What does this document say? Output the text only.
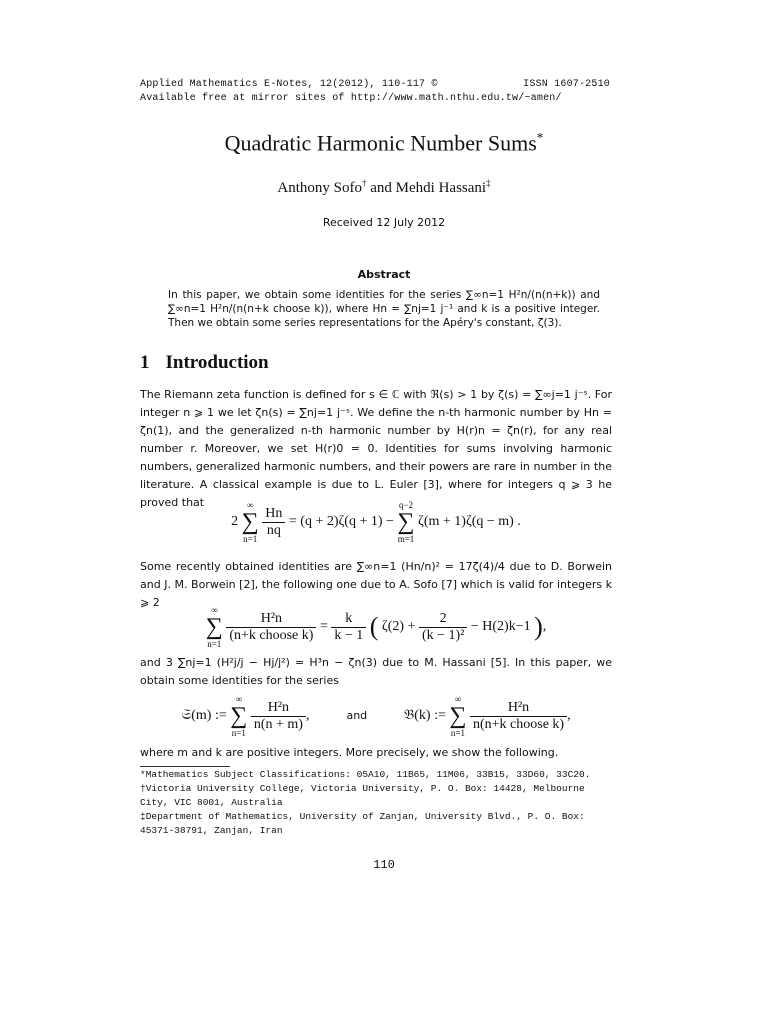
Applied Mathematics E-Notes, 12(2012), 110-117 ©	ISSN 1607-2510
Available free at mirror sites of http://www.math.nthu.edu.tw/~amen/
Quadratic Harmonic Number Sums*
Anthony Sofo† and Mehdi Hassani‡
Received 12 July 2012
Abstract
In this paper, we obtain some identities for the series ∑∞n=1 H²n/(n(n+k)) and ∑∞n=1 H²n/(n(n+k choose k)), where Hn = ∑nj=1 j⁻¹ and k is a positive integer. Then we obtain some series representations for the Apéry's constant, ζ(3).
1 Introduction
The Riemann zeta function is defined for s ∈ ℂ with ℜ(s) > 1 by ζ(s) = ∑∞j=1 j⁻ˢ. For integer n ⩾ 1 we let ζn(s) = ∑nj=1 j⁻ˢ. We define the n-th harmonic number by Hn = ζn(1), and the generalized n-th harmonic number by H(r)n = ζn(r), for any real number r. Moreover, we set H(r)0 = 0. Identities for sums involving harmonic numbers, generalized harmonic numbers, and their powers are rare in number in the literature. A classical example is due to L. Euler [3], where for integers q ⩾ 3 he proved that
2 ∞
∑
n=1
$\frac{Hn}{nq} = (q + 2)\zeta(q + 1) - q-2$
∑
m=1 ζ(m + 1)ζ(q − m) .
Some recently obtained identities are ∑∞n=1 (Hn/n)² = 17ζ(4)/4 due to D. Borwein and J. M. Borwein [2], the following one due to A. Sofo [7] which is valid for integers k ⩾ 2
∞
∑
n=1
$\frac{\text{H²n}}{\text{(n+k choose k)}} = \frac{k}{k - 1}$ ( $\zeta(2) + \frac{2}{\text{(k − 1)²}} - H(2)k-1$ ),
and 3 ∑nj=1 (H²j/j − Hj/j²) = H³n − ζn(3) due to M. Hassani [5]. In this paper, we obtain some identities for the series
𝔖(m) := ∞
∑
n=1
$\frac{\text{H²n}}{n(n + m)}$ ,	and	𝔅(k) := ∞
∑
n=1
$\frac{\text{H²n}}{\text{n(n+k choose k)}}$ ,
where m and k are positive integers. More precisely, we show the following.
*Mathematics Subject Classifications: 05A10, 11B65, 11M06, 33B15, 33D60, 33C20.
†Victoria University College, Victoria University, P. O. Box: 14428, Melbourne City, VIC 8001, Australia
‡Department of Mathematics, University of Zanjan, University Blvd., P. O. Box: 45371-38791, Zanjan, Iran
110
